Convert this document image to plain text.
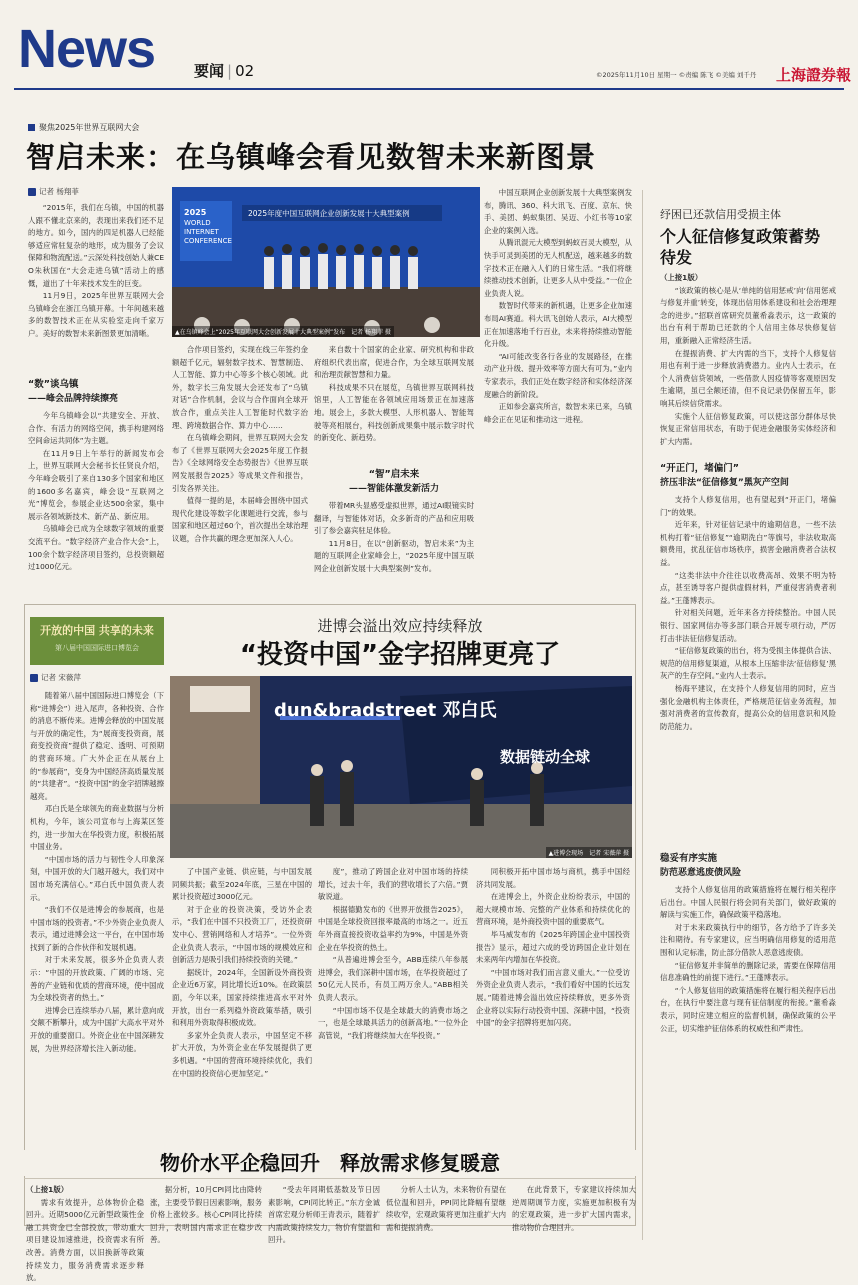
News	要闻 | 02	©2025年11月10日 星期一 ©责编 陈飞 ©美编 刘千丹 上海證券報
聚焦2025年世界互联网大会
智启未来：在乌镇峰会看见数智未来新图景
记者 杨翔菲

“2015年，我们在乌镇，中国的机器人跟不懂北京来的，表现出来我们还不足的地方。如今，国内的四足机器人已经能够适应常驻复杂的地形，成为服务了会议保障和物流配送。”云深处科技创始人兼CEO朱秋国在“大会走进乌镇”活动上的感慨，道出了十年来技术发生的巨变。

11月9日，2025年世界互联网大会乌镇峰会在浙江乌镇开幕。十年间越来越多的数智技术正在从实验室走向千家万户。美好的数智未来新图景更加清晰。

“数”谈乌镇
——峰会品牌持续擦亮

今年乌镇峰会以“共建安全、开放、合作、有活力的网络空间，携手构建网络空间命运共同体”为主题。

在11月9日上午举行的新闻发布会上，世界互联网大会秘书长任贤良介绍，今年峰会吸引了来自130多个国家和地区的1600多名嘉宾，峰会设“互联网之光”博览会，参展企业达500余家，集中展示各领域新技术、新产品、新应用。

乌镇峰会已成为全球数字领域的重要交流平台。“数字经济产业合作大会”上，100余个数字经济项目签约，总投资额超过1000亿元。

2025
WORLD
INTERNET
CONFERENCE
2025年度中国互联网企业创新发展十大典型案例
▲在乌镇峰会上“2025年互联网大会创新发展十大典型案例”发布　记者 杨翔菲 摄

合作项目签约，实现在线三年签约金额超千亿元，辐射数字技术、智慧制造、人工智能、算力中心等多个核心领域。此外，数字长三角发展大会还发布了“乌镇对话”合作机制，会议与合作面向全球开放合作，重点关注人工智能时代数字治理、跨境数据合作、算力中心……

在乌镇峰会期间，世界互联网大会发布了《世界互联网大会2025年度工作报告》《全球网络安全态势报告》《世界互联网发展报告2025》等成果文件和报告，引发各界关注。

值得一提的是，本届峰会围绕中国式现代化建设等数字化课题进行交流，参与国家和地区超过60个，首次提出全球治理议题，合作共赢的理念更加深入人心。

来自数十个国家的企业家、研究机构和非政府组织代表出席，促进合作，为全球互联网发展和治理贡献智慧和力量。

科技成果不只在展览，乌镇世界互联网科技馆里，人工智能在各领域应用场景正在加速落地。展会上，多款大模型、人形机器人、智能驾驶等亮相展台，科技创新成果集中展示数字时代的新变化、新趋势。

“智”启未来
——智能体激发新活力

带着MR头显感受虚拟世界，通过AI眼镜实时翻译，与智能体对话，众多新奇的产品和应用吸引了参会嘉宾驻足体验。

11月8日，在以“创新驱动，智启未来”为主题的互联网企业家峰会上，“2025年度中国互联网企业创新发展十大典型案例”发布。

中国互联网企业创新发展十大典型案例发布，腾讯、360、科大讯飞、百度、京东、快手、美团、蚂蚁集团、吴迈、小红书等10家企业的案例入选。

从腾讯混元大模型到蚂蚁百灵大模型，从快手可灵到美团的无人机配送，越来越多的数字技术正在融入人们的日常生活。“我们将继续推动技术创新，让更多人从中受益。”一位企业负责人说。

数智时代带来的新机遇，让更多企业加速布局AI赛道。科大讯飞创始人表示，AI大模型正在加速落地千行百业，未来将持续推动智能化升级。

“AI可能改变各行各业的发展路径，在推动产业升级、提升效率等方面大有可为。”业内专家表示，我们正处在数字经济和实体经济深度融合的新阶段。

正如参会嘉宾所言，数智未来已来，乌镇峰会正在见证和推动这一进程。

开放的中国 共享的未来
第八届中国国际进口博览会
进博会溢出效应持续释放
“投资中国”金字招牌更亮了
记者 宋薇萍
dun&bradstreet 邓白氏
数据链动全球
▲进博会现场　记者 宋薇萍 摄

随着第八届中国国际进口博览会（下称“进博会”）进入尾声，各种投资、合作的消息不断传来。进博会释放的中国发展与开放的确定性，为“展商变投资商，展商变投资商”提供了稳定、透明、可预期的营商环境。广大外企正在从展台上的“参展商”，变身为中国经济高质量发展的“共建者”。“投资中国”的金字招牌越擦越亮。

邓白氏是全球领先的商业数据与分析机构，今年，该公司宣布与上海某区签约，进一步加大在华投资力度，积极拓展中国业务。

“中国市场的活力与韧性令人印象深刻，中国开放的大门越开越大，我们对中国市场充满信心。”邓白氏中国负责人表示。

“我们不仅是进博会的参展商，也是中国市场的投资者。”不少外资企业负责人表示，通过进博会这一平台，在中国市场找到了新的合作伙伴和发展机遇。

对于未来发展，很多外企负责人表示：“中国的开放政策、广阔的市场、完善的产业链和优质的营商环境，使中国成为全球投资者的热土。”

进博会已连续举办八届，累计意向成交额不断攀升，成为中国扩大高水平对外开放的重要窗口。外资企业在中国深耕发展，为世界经济增长注入新动能。

了中国产业链、供应链，与中国发展同频共振；截至2024年底，三星在中国的累计投资超过3000亿元。

对于企业的投资决策，受访外企表示，“我们在中国不只投资工厂，还投资研发中心、营销网络和人才培养”。一位外资企业负责人表示，“中国市场的规模效应和创新活力是吸引我们持续投资的关键。”

据统计，2024年，全国新设外商投资企业近6万家，同比增长近10%。在政策层面，今年以来，国家持续推进高水平对外开放，出台一系列稳外资政策举措，吸引和利用外资取得积极成效。

多家外企负责人表示，中国坚定不移扩大开放，为外资企业在华发展提供了更多机遇。“中国的营商环境持续优化，我们在中国的投资信心更加坚定。”

度”，推动了跨国企业对中国市场的持续增长，过去十年，我们的营收增长了六倍。”贾敏说道。

根据德勤发布的《世界开放报告2025》，中国是全球投资回报率最高的市场之一。近五年外商直接投资收益率约为9%，中国是外资企业在华投资的热土。

“从普遍进博会至今，ABB连续八年参展进博会，我们深耕中国市场，在华投资超过了50亿元人民币，有员工两万余人。”ABB相关负责人表示。

“中国市场不仅是全球最大的消费市场之一，也是全球最具活力的创新高地。”一位外企高管说，“我们将继续加大在华投资。”

同积极开拓中国市场与商机，携手中国经济共同发展。

在进博会上，外资企业纷纷表示，中国的超大规模市场、完整的产业体系和持续优化的营商环境，是外商投资中国的重要底气。

毕马威发布的《2025年跨国企业中国投资报告》显示，超过六成的受访跨国企业计划在未来两年内增加在华投资。

“中国市场对我们而言意义重大。”一位受访外资企业负责人表示，“我们看好中国的长远发展。”随着进博会溢出效应持续释放，更多外资企业将以实际行动投资中国、深耕中国，“投资中国”的金字招牌将更加闪亮。

纾困已还款信用受损主体
个人征信修复政策蓄势待发
（上接1版）

“该政策的核心是从‘单纯的信用惩戒’向‘信用惩戒与修复并重’转变，体现出信用体系建设和社会治理理念的进步。”招联首席研究员董希淼表示，这一政策的出台有利于帮助已还款的个人信用主体尽快修复信用，重新融入正常经济生活。

在提振消费、扩大内需的当下，支持个人修复信用也有利于进一步释放消费潜力。业内人士表示，在个人消费信贷领域，一些借款人因疫情等客观原因发生逾期，虽已全额还清，但不良记录仍保留五年，影响其后续信贷需求。

实施个人征信修复政策，可以使这部分群体尽快恢复正常信用状态，有助于促进金融服务实体经济和扩大内需。

“开正门，堵偏门”
挤压非法“征信修复”黑灰产空间

支持个人修复信用，也有望起到“开正门，堵偏门”的效果。

近年来，针对征信记录中的逾期信息，一些不法机构打着“征信修复”“逾期洗白”等旗号，非法收取高额费用，扰乱征信市场秩序，损害金融消费者合法权益。

“这类非法中介往往以收费高昂、效果不明为特点，甚至诱导客户提供虚假材料，严重侵害消费者利益。”王蓬博表示。

针对相关问题，近年来各方持续整治。中国人民银行、国家网信办等多部门联合开展专项行动，严厉打击非法征信修复活动。

“征信修复政策的出台，将为受损主体提供合法、规范的信用修复渠道，从根本上压缩非法‘征信修复’黑灰产的生存空间。”业内人士表示。

杨海平建议，在支持个人修复信用的同时，应当强化金融机构主体责任，严格规范征信业务流程，加强对消费者的宣传教育，提高公众的信用意识和风险防范能力。

稳妥有序实施
防范恶意逃废债风险

支持个人修复信用的政策措施将在履行相关程序后出台。中国人民银行将会同有关部门，做好政策的解读与实施工作，确保政策平稳落地。

对于未来政策执行中的细节，各方给予了许多关注和期待。有专家建议，应当明确信用修复的适用范围和认定标准，防止部分借款人恶意逃废债。

“征信修复并非简单的删除记录，需要在保障信用信息准确性的前提下进行。”王蓬博表示。

“个人修复信用的政策措施将在履行相关程序后出台，在执行中要注意与现有征信制度的衔接。”董希淼表示，同时应建立相应的监督机制，确保政策的公平公正，切实维护征信体系的权威性和严肃性。

物价水平企稳回升　释放需求修复暖意
（上接1版）

需求有效提升，总体物价企稳回升。近期5000亿元新型政策性金融工具资金已全部投放，带动重大项目建设加速推进，投资需求有所改善。消费方面，以旧换新等政策持续发力，服务消费需求逐步释放。

据分析，10月CPI同比由降转涨，主要受节假日因素影响，服务价格上涨较多。核心CPI同比持续回升，表明国内需求正在稳步改善。

“受去年同期低基数及节日因素影响，CPI同比转正。”东方金诚首席宏观分析师王青表示，随着扩内需政策持续发力，物价有望温和回升。

分析人士认为，未来物价有望在低位温和回升，PPI同比降幅有望继续收窄，宏观政策将更加注重扩大内需和提振消费。

在此背景下，专家建议持续加大逆周期调节力度，实施更加积极有为的宏观政策，进一步扩大国内需求，推动物价合理回升。
